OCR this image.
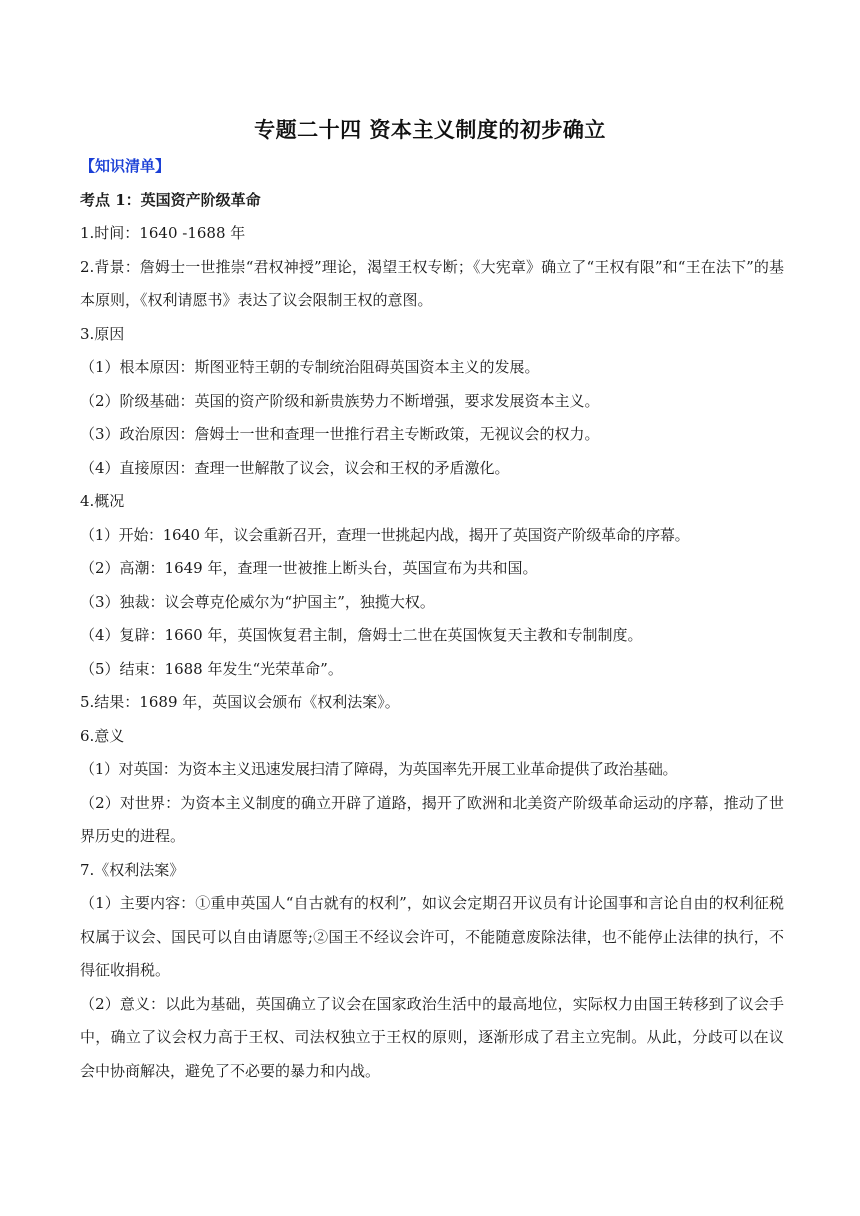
专题二十四 资本主义制度的初步确立
【知识清单】
考点 1：英国资产阶级革命
1.时间：1640 -1688 年
2.背景：詹姆士一世推崇“君权神授”理论，渴望王权专断；《大宪章》确立了“王权有限”和“王在法下”的基本原则，《权利请愿书》表达了议会限制王权的意图。
3.原因
（1）根本原因：斯图亚特王朝的专制统治阻碍英国资本主义的发展。
（2）阶级基础：英国的资产阶级和新贵族势力不断增强，要求发展资本主义。
（3）政治原因：詹姆士一世和查理一世推行君主专断政策，无视议会的权力。
（4）直接原因：查理一世解散了议会，议会和王权的矛盾激化。
4.概况
（1）开始：1640 年，议会重新召开，查理一世挑起内战，揭开了英国资产阶级革命的序幕。
（2）高潮：1649 年，查理一世被推上断头台，英国宣布为共和国。
（3）独裁：议会尊克伦威尔为“护国主”，独揽大权。
（4）复辟：1660 年，英国恢复君主制，詹姆士二世在英国恢复天主教和专制制度。
（5）结束：1688 年发生“光荣革命”。
5.结果：1689 年，英国议会颁布《权利法案》。
6.意义
（1）对英国：为资本主义迅速发展扫清了障碍，为英国率先开展工业革命提供了政治基础。
（2）对世界：为资本主义制度的确立开辟了道路，揭开了欧洲和北美资产阶级革命运动的序幕，推动了世界历史的进程。
7.《权利法案》
（1）主要内容：①重申英国人“自古就有的权利”，如议会定期召开议员有计论国事和言论自由的权利征税权属于议会、国民可以自由请愿等;②国王不经议会许可，不能随意废除法律，也不能停止法律的执行，不得征收捐税。
（2）意义：以此为基础，英国确立了议会在国家政治生活中的最高地位，实际权力由国王转移到了议会手中，确立了议会权力高于王权、司法权独立于王权的原则，逐渐形成了君主立宪制。从此，分歧可以在议会中协商解决，避免了不必要的暴力和内战。
